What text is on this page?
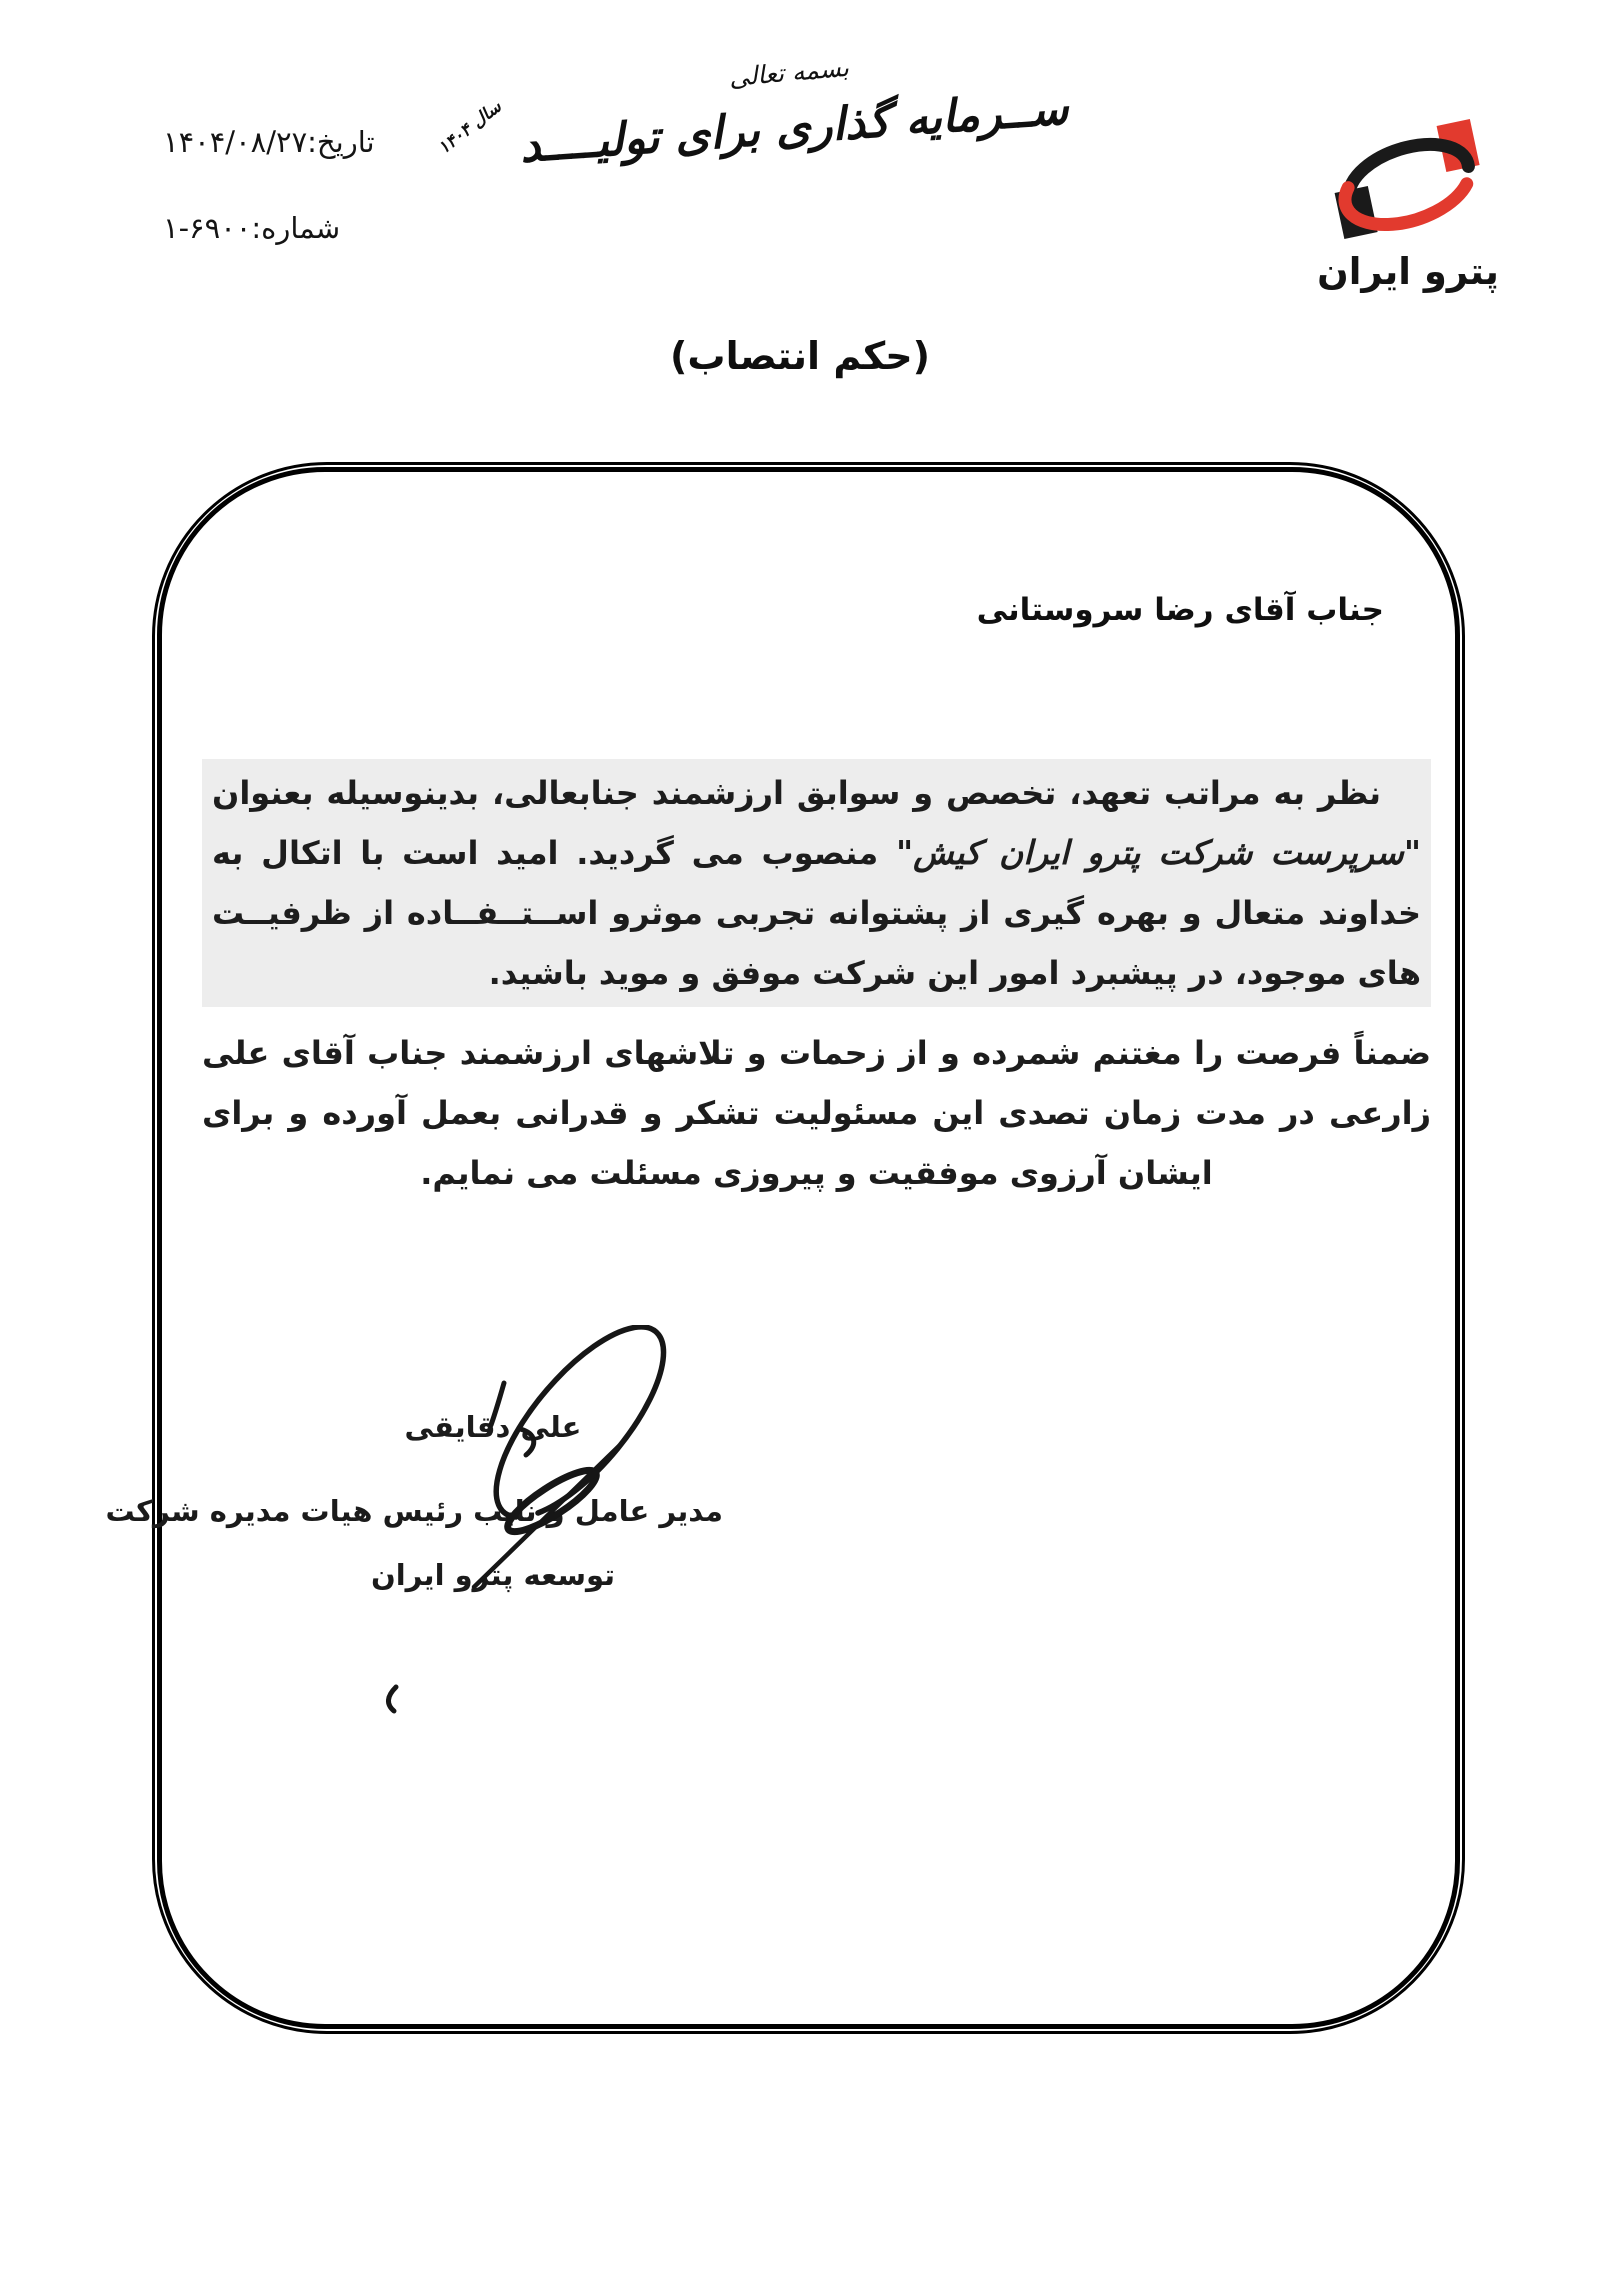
تاریخ:۱۴۰۴/۰۸/۲۷
شماره:۱-۶۹۰۰
بسمه تعالی
ســرمایه گذاری برای تولیــــدسال ۱۴۰۴
پترو ایران
(حکم انتصاب)
جناب آقای رضا سروستانی

نظر به مراتب تعهد، تخصص و سوابق ارزشمند جنابعالی، بدینوسیله بعنوان "سرپرست شرکت پترو ایران کیش" منصوب می گردید. امید است با اتکال به خداوند متعال و بهره گیری از پشتوانه تجربی موثرو اســتــفــاده از ظرفیــت های موجود، در پیشبرد امور این شرکت موفق و موید باشید.

ضمناً فرصت را مغتنم شمرده و از زحمات و تلاشهای ارزشمند جناب آقای علی زارعی در مدت زمان تصدی این مسئولیت تشکر و قدرانی بعمل آورده و برای ایشان آرزوی موفقیت و پیروزی مسئلت می نمایم.

علی دقایقی
مدیر عامل و نایب رئیس هیات مدیره شرکت
توسعه پترو ایران
